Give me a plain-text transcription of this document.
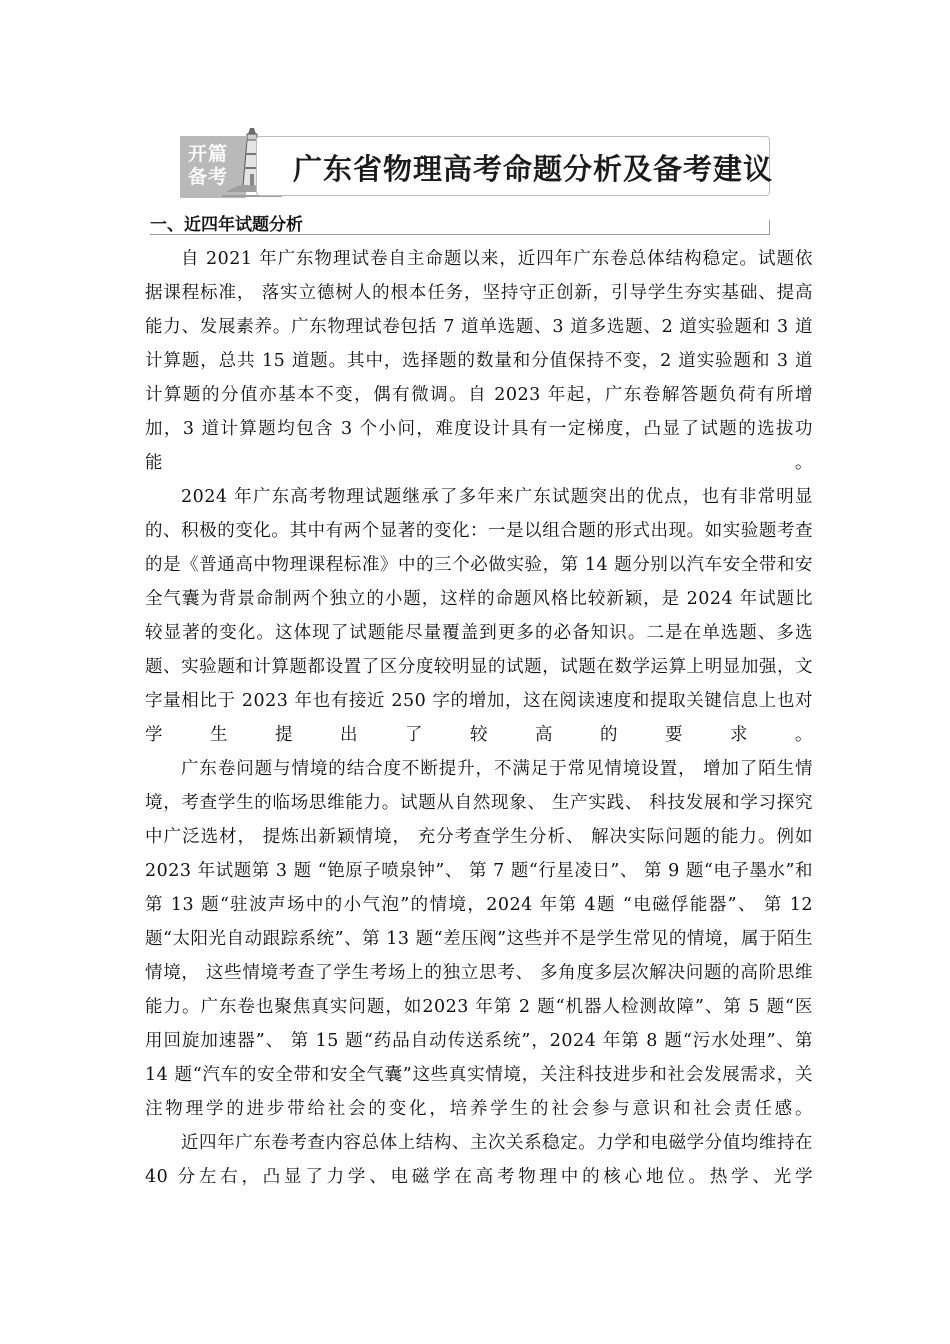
开篇
备考 广东省物理高考命题分析及备考建议
一、近四年试题分析

自 2021 年广东物理试卷自主命题以来，近四年广东卷总体结构稳定。试题依据课程标准， 落实立德树人的根本任务，坚持守正创新，引导学生夯实基础、提高能力、发展素养。广东物理试卷包括 7 道单选题、3 道多选题、2 道实验题和 3 道计算题，总共 15 道题。其中，选择题的数量和分值保持不变，2 道实验题和 3 道计算题的分值亦基本不变，偶有微调。自 2023 年起，广东卷解答题负荷有所增加，3 道计算题均包含 3 个小问，难度设计具有一定梯度，凸显了试题的选拔功能。

2024 年广东高考物理试题继承了多年来广东试题突出的优点，也有非常明显的、积极的变化。其中有两个显著的变化：一是以组合题的形式出现。如实验题考查的是《普通高中物理课程标准》中的三个必做实验，第 14 题分别以汽车安全带和安全气囊为背景命制两个独立的小题，这样的命题风格比较新颖，是 2024 年试题比较显著的变化。这体现了试题能尽量覆盖到更多的必备知识。二是在单选题、多选题、实验题和计算题都设置了区分度较明显的试题，试题在数学运算上明显加强，文字量相比于 2023 年也有接近 250 字的增加，这在阅读速度和提取关键信息上也对学生提出了较高的要求。

广东卷问题与情境的结合度不断提升，不满足于常见情境设置， 增加了陌生情境，考查学生的临场思维能力。试题从自然现象、 生产实践、 科技发展和学习探究中广泛选材， 提炼出新颖情境， 充分考查学生分析、 解决实际问题的能力。例如 2023 年试题第 3 题 “铯原子喷泉钟”、 第 7 题“行星凌日”、 第 9 题“电子墨水”和 第 13 题“驻波声场中的小气泡”的情境，2024 年第 4题 “电磁俘能器”、 第 12 题“太阳光自动跟踪系统”、第 13 题“差压阀”这些并不是学生常见的情境，属于陌生情境， 这些情境考查了学生考场上的独立思考、 多角度多层次解决问题的高阶思维能力。广东卷也聚焦真实问题，如2023 年第 2 题“机器人检测故障”、第 5 题“医用回旋加速器”、 第 15 题“药品自动传送系统”，2024 年第 8 题“污水处理”、第 14 题“汽车的安全带和安全气囊”这些真实情境，关注科技进步和社会发展需求，关注物理学的进步带给社会的变化，培养学生的社会参与意识和社会责任感。

近四年广东卷考查内容总体上结构、主次关系稳定。力学和电磁学分值均维持在 40 分左右，凸显了力学、电磁学在高考物理中的核心地位。热学、光学
